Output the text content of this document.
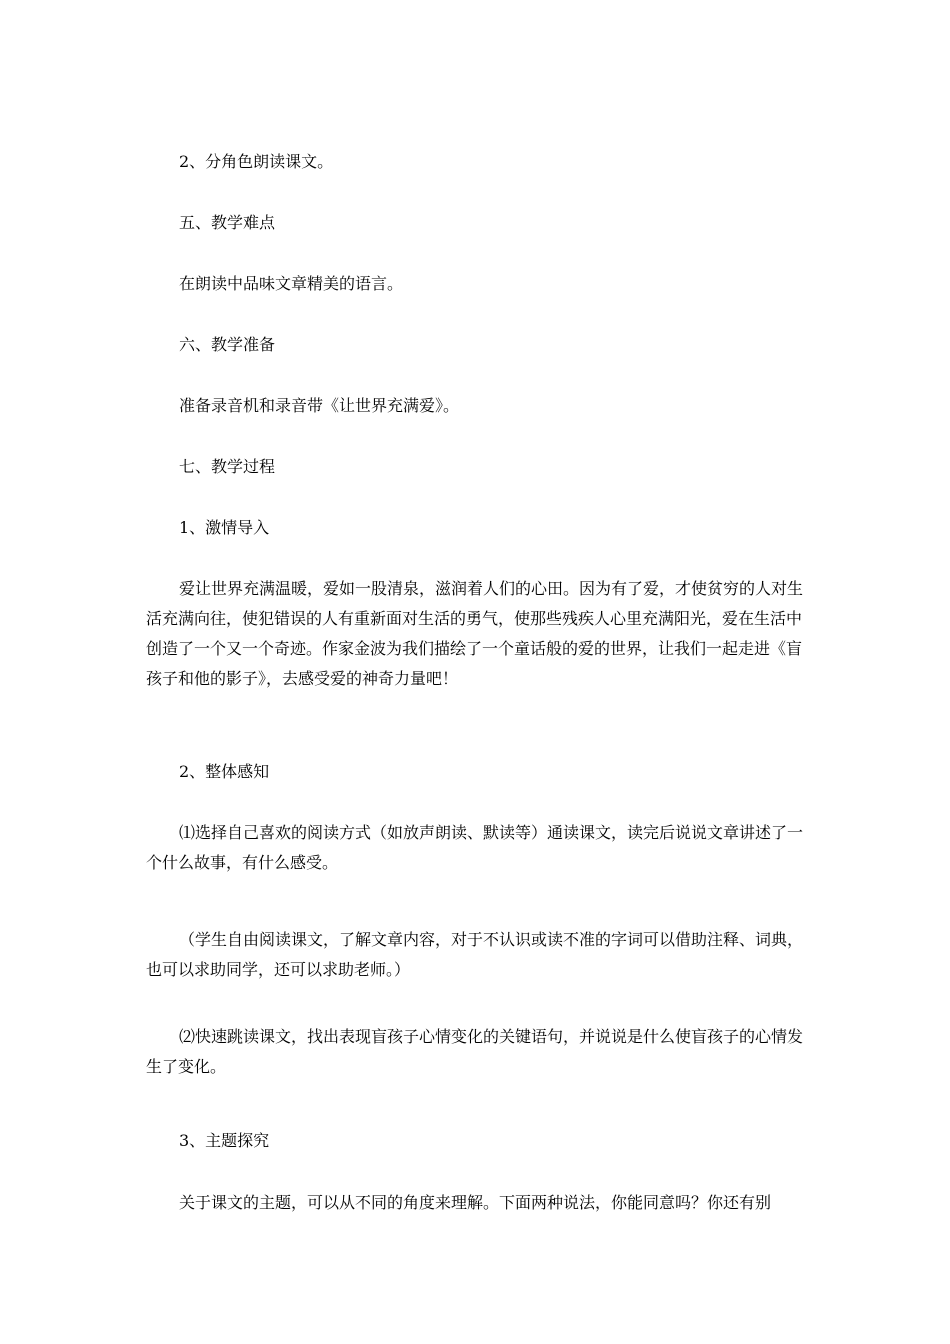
2、分角色朗读课文。

五、教学难点

在朗读中品味文章精美的语言。

六、教学准备

准备录音机和录音带《让世界充满爱》。

七、教学过程

1、激情导入

爱让世界充满温暖，爱如一股清泉，滋润着人们的心田。因为有了爱，才使贫穷的人对生活充满向往，使犯错误的人有重新面对生活的勇气，使那些残疾人心里充满阳光，爱在生活中创造了一个又一个奇迹。作家金波为我们描绘了一个童话般的爱的世界，让我们一起走进《盲孩子和他的影子》，去感受爱的神奇力量吧！

2、整体感知

⑴选择自己喜欢的阅读方式（如放声朗读、默读等）通读课文，读完后说说文章讲述了一个什么故事，有什么感受。

（学生自由阅读课文，了解文章内容，对于不认识或读不准的字词可以借助注释、词典，也可以求助同学，还可以求助老师。）

⑵快速跳读课文，找出表现盲孩子心情变化的关键语句，并说说是什么使盲孩子的心情发生了变化。

3、主题探究

关于课文的主题，可以从不同的角度来理解。下面两种说法，你能同意吗？你还有别
